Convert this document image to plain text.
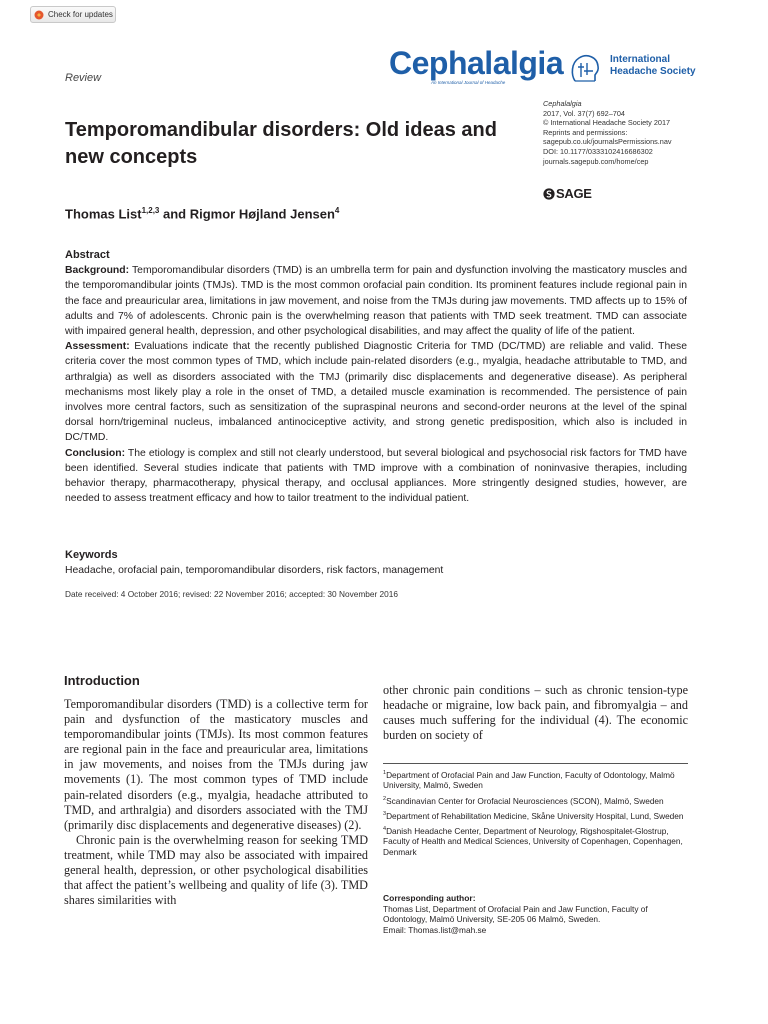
Check for updates
Review	Cephalalgia
An International Journal of Headache
International
Headache Society
Temporomandibular disorders: Old ideas and new concepts
Cephalalgia
2017, Vol. 37(7) 692–704
© International Headache Society 2017
Reprints and permissions:
sagepub.co.uk/journalsPermissions.nav
DOI: 10.1177/0333102416686302
journals.sagepub.com/home/cep
SAGE
Thomas List$^{1,2,3}$ and Rigmor Højland Jensen$^4$
Abstract

Background: Temporomandibular disorders (TMD) is an umbrella term for pain and dysfunction involving the masticatory muscles and the temporomandibular joints (TMJs). TMD is the most common orofacial pain condition. Its prominent features include regional pain in the face and preauricular area, limitations in jaw movement, and noise from the TMJs during jaw movements. TMD affects up to 15% of adults and 7% of adolescents. Chronic pain is the overwhelming reason that patients with TMD seek treatment. TMD can associate with impaired general health, depression, and other psychological disabilities, and may affect the quality of life of the patient.

Assessment: Evaluations indicate that the recently published Diagnostic Criteria for TMD (DC/TMD) are reliable and valid. These criteria cover the most common types of TMD, which include pain-related disorders (e.g., myalgia, headache attributable to TMD, and arthralgia) as well as disorders associated with the TMJ (primarily disc displacements and degenerative disease). As peripheral mechanisms most likely play a role in the onset of TMD, a detailed muscle examination is recommended. The persistence of pain involves more central factors, such as sensitization of the supraspinal neurons and second-order neurons at the level of the spinal dorsal horn/trigeminal nucleus, imbalanced antinociceptive activity, and strong genetic predisposition, which also is included in DC/TMD.

Conclusion: The etiology is complex and still not clearly understood, but several biological and psychosocial risk factors for TMD have been identified. Several studies indicate that patients with TMD improve with a combination of noninvasive therapies, including behavior therapy, pharmacotherapy, physical therapy, and occlusal appliances. More stringently designed studies, however, are needed to assess treatment efficacy and how to tailor treatment to the individual patient.

Keywords

Headache, orofacial pain, temporomandibular disorders, risk factors, management

Date received: 4 October 2016; revised: 22 November 2016; accepted: 30 November 2016
Introduction

Temporomandibular disorders (TMD) is a collective term for pain and dysfunction of the masticatory muscles and temporomandibular joints (TMJs). Its most common features are regional pain in the face and preauricular area, limitations in jaw movements, and noises from the TMJs during jaw movements (1). The most common types of TMD include pain-related disorders (e.g., myalgia, headache attributed to TMD, and arthralgia) and disorders associated with the TMJ (primarily disc displacements and degenerative diseases) (2).

Chronic pain is the overwhelming reason for seeking TMD treatment, while TMD may also be associated with impaired general health, depression, or other psychological disabilities that affect the patient’s wellbeing and quality of life (3). TMD shares similarities with

other chronic pain conditions – such as chronic tension-type headache or migraine, low back pain, and fibromyalgia – and causes much suffering for the individual (4). The economic burden on society of

$^1$Department of Orofacial Pain and Jaw Function, Faculty of Odontology, Malmö University, Malmö, Sweden

$^2$Scandinavian Center for Orofacial Neurosciences (SCON), Malmö, Sweden

$^3$Department of Rehabilitation Medicine, Skåne University Hospital, Lund, Sweden

$^4$Danish Headache Center, Department of Neurology, Rigshospitalet-Glostrup, Faculty of Health and Medical Sciences, University of Copenhagen, Copenhagen, Denmark

Corresponding author:

Thomas List, Department of Orofacial Pain and Jaw Function, Faculty of Odontology, Malmö University, SE-205 06 Malmö, Sweden.

Email: Thomas.list@mah.se
